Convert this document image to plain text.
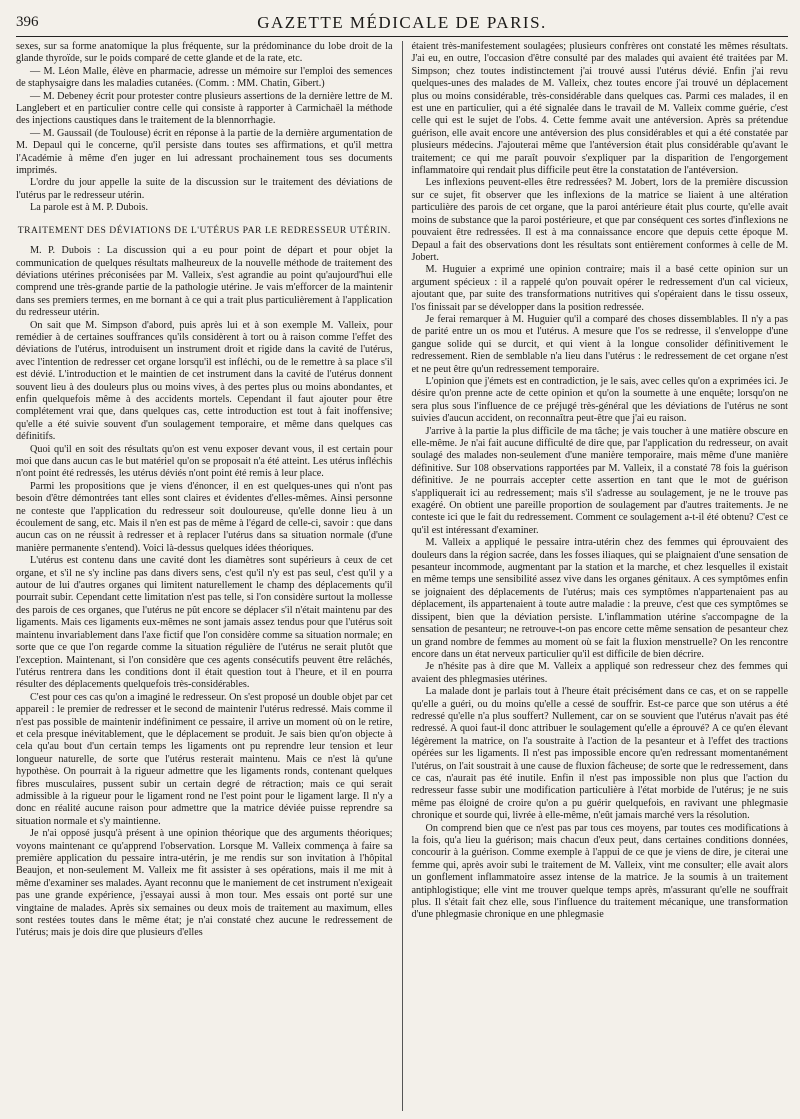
396	GAZETTE MÉDICALE DE PARIS.

sexes, sur sa forme anatomique la plus fréquente, sur la prédominance du lobe droit de la glande thyroïde, sur le poids comparé de cette glande et de la rate, etc.

— M. Léon Malle, élève en pharmacie, adresse un mémoire sur l'emploi des semences de staphysaigre dans les maladies cutanées. (Comm. : MM. Chatin, Gibert.)

— M. Debeney écrit pour protester contre plusieurs assertions de la dernière lettre de M. Langlebert et en particulier contre celle qui consiste à rapporter à Carmichaël la méthode des injections caustiques dans le traitement de la blennorrhagie.

— M. Gaussail (de Toulouse) écrit en réponse à la partie de la dernière argumentation de M. Depaul qui le concerne, qu'il persiste dans toutes ses affirmations, et qu'il mettra l'Académie à même d'en juger en lui adressant prochainement tous ses documents imprimés.

L'ordre du jour appelle la suite de la discussion sur le traitement des déviations de l'utérus par le redresseur utérin.

La parole est à M. P. Dubois.

TRAITEMENT DES DÉVIATIONS DE L'UTÉRUS PAR LE REDRESSEUR UTÉRIN.

M. P. Dubois : La discussion qui a eu pour point de départ et pour objet la communication de quelques résultats malheureux de la nouvelle méthode de traitement des déviations utérines préconisées par M. Valleix, s'est agrandie au point qu'aujourd'hui elle comprend une très-grande partie de la pathologie utérine. Je vais m'efforcer de la maintenir dans ses premiers termes, en me bornant à ce qui a trait plus particulièrement à l'application du redresseur utérin.

On sait que M. Simpson d'abord, puis après lui et à son exemple M. Valleix, pour remédier à de certaines souffrances qu'ils considèrent à tort ou à raison comme l'effet des déviations de l'utérus, introduisent un instrument droit et rigide dans la cavité de l'utérus, avec l'intention de redresser cet organe lorsqu'il est infléchi, ou de le remettre à sa place s'il est dévié. L'introduction et le maintien de cet instrument dans la cavité de l'utérus donnent souvent lieu à des douleurs plus ou moins vives, à des pertes plus ou moins abondantes, et enfin quelquefois même à des accidents mortels. Cependant il faut ajouter pour être complétement vrai que, dans quelques cas, cette introduction est tout à fait inoffensive; qu'elle a été suivie souvent d'un soulagement temporaire, et même dans quelques cas définitifs.

Quoi qu'il en soit des résultats qu'on est venu exposer devant vous, il est certain pour moi que dans aucun cas le but matériel qu'on se proposait n'a été atteint. Les utérus infléchis n'ont point été redressés, les utérus déviés n'ont point été remis à leur place.

Parmi les propositions que je viens d'énoncer, il en est quelques-unes qui n'ont pas besoin d'être démontrées tant elles sont claires et évidentes d'elles-mêmes. Ainsi personne ne conteste que l'application du redresseur soit douloureuse, qu'elle donne lieu à un écoulement de sang, etc. Mais il n'en est pas de même à l'égard de celle-ci, savoir : que dans aucun cas on ne réussit à redresser et à replacer l'utérus dans sa situation normale (d'une manière permanente s'entend). Voici là-dessus quelques idées théoriques.

L'utérus est contenu dans une cavité dont les diamètres sont supérieurs à ceux de cet organe, et s'il ne s'y incline pas dans divers sens, c'est qu'il n'y est pas seul, c'est qu'il y a autour de lui d'autres organes qui limitent naturellement le champ des déplacements qu'il pourrait subir. Cependant cette limitation n'est pas telle, si l'on considère surtout la mollesse des parois de ces organes, que l'utérus ne pût encore se déplacer s'il n'était maintenu par des ligaments. Mais ces ligaments eux-mêmes ne sont jamais assez tendus pour que l'utérus soit maintenu invariablement dans l'axe fictif que l'on considère comme sa situation normale; en sorte que ce que l'on regarde comme la situation régulière de l'utérus ne serait plutôt que l'exception. Maintenant, si l'on considère que ces agents consécutifs peuvent être relâchés, l'utérus rentrera dans les conditions dont il était question tout à l'heure, et il en pourra résulter des déplacements quelquefois très-considérables.

C'est pour ces cas qu'on a imaginé le redresseur. On s'est proposé un double objet par cet appareil : le premier de redresser et le second de maintenir l'utérus redressé. Mais comme il n'est pas possible de maintenir indéfiniment ce pessaire, il arrive un moment où on le retire, et cela presque inévitablement, que le déplacement se produit. Je sais bien qu'on objecte à cela qu'au bout d'un certain temps les ligaments ont pu reprendre leur tension et leur longueur naturelle, de sorte que l'utérus resterait maintenu. Mais ce n'est là qu'une hypothèse. On pourrait à la rigueur admettre que les ligaments ronds, contenant quelques fibres musculaires, pussent subir un certain degré de rétraction; mais ce qui serait admissible à la rigueur pour le ligament rond ne l'est point pour le ligament large. Il n'y a donc en réalité aucune raison pour admettre que la matrice déviée puisse reprendre sa situation normale et s'y maintienne.

Je n'ai opposé jusqu'à présent à une opinion théorique que des arguments théoriques; voyons maintenant ce qu'apprend l'observation. Lorsque M. Valleix commença à faire sa première application du pessaire intra-utérin, je me rendis sur son invitation à l'hôpital Beaujon, et non-seulement M. Valleix me fit assister à ses opérations, mais il me mit à même d'examiner ses malades. Ayant reconnu que le maniement de cet instrument n'exigeait pas une grande expérience, j'essayai aussi à mon tour. Mes essais ont porté sur une vingtaine de malades. Après six semaines ou deux mois de traitement au maximum, elles sont restées toutes dans le même état; je n'ai constaté chez aucune le redressement de l'utérus; mais je dois dire que plusieurs d'elles

étaient très-manifestement soulagées; plusieurs confrères ont constaté les mêmes résultats. J'ai eu, en outre, l'occasion d'être consulté par des malades qui avaient été traitées par M. Simpson; chez toutes indistinctement j'ai trouvé aussi l'utérus dévié. Enfin j'ai revu quelques-unes des malades de M. Valleix, chez toutes encore j'ai trouvé un déplacement plus ou moins considérable, très-considérable dans quelques cas. Parmi ces malades, il en est une en particulier, qui a été signalée dans le travail de M. Valleix comme guérie, c'est celle qui est le sujet de l'obs. 4. Cette femme avait une antéversion. Après sa prétendue guérison, elle avait encore une antéversion des plus considérables et qui a été constatée par plusieurs médecins. J'ajouterai même que l'antéversion était plus considérable qu'avant le traitement; ce qui me paraît pouvoir s'expliquer par la disparition de l'engorgement inflammatoire qui rendait plus difficile peut être la constatation de l'antéversion.

Les inflexions peuvent-elles être redressées? M. Jobert, lors de la première discussion sur ce sujet, fit observer que les inflexions de la matrice se liaient à une altération particulière des parois de cet organe, que la paroi antérieure était plus courte, qu'elle avait moins de substance que la paroi postérieure, et que par conséquent ces sortes d'inflexions ne pouvaient être redressées. Il est à ma connaissance encore que depuis cette époque M. Depaul a fait des observations dont les résultats sont entièrement conformes à celle de M. Jobert.

M. Huguier a exprimé une opinion contraire; mais il a basé cette opinion sur un argument spécieux : il a rappelé qu'on pouvait opérer le redressement d'un cal vicieux, ajoutant que, par suite des transformations nutritives qui s'opéraient dans le tissu osseux, l'os finissait par se développer dans la position redressée.

Je ferai remarquer à M. Huguier qu'il a comparé des choses dissemblables. Il n'y a pas de parité entre un os mou et l'utérus. A mesure que l'os se redresse, il s'enveloppe d'une gangue solide qui se durcit, et qui vient à la longue consolider définitivement le redressement. Rien de semblable n'a lieu dans l'utérus : le redressement de cet organe n'est et ne peut être qu'un redressement temporaire.

L'opinion que j'émets est en contradiction, je le sais, avec celles qu'on a exprimées ici. Je désire qu'on prenne acte de cette opinion et qu'on la soumette à une enquête; lorsqu'on ne sera plus sous l'influence de ce préjugé très-général que les déviations de l'utérus ne sont suivies d'aucun accident, on reconnaîtra peut-être que j'ai eu raison.

J'arrive à la partie la plus difficile de ma tâche; je vais toucher à une matière obscure en elle-même. Je n'ai fait aucune difficulté de dire que, par l'application du redresseur, on avait soulagé des malades non-seulement d'une manière temporaire, mais même d'une manière définitive. Sur 108 observations rapportées par M. Valleix, il a constaté 78 fois la guérison définitive. Je ne pourrais accepter cette assertion en tant que le mot de guérison s'appliquerait ici au redressement; mais s'il s'adresse au soulagement, je ne le trouve pas exagéré. On obtient une pareille proportion de soulagement par d'autres traitements. Je ne conteste ici que le fait du redressement. Comment ce soulagement a-t-il été obtenu? C'est ce qu'il est intéressant d'examiner.

M. Valleix a appliqué le pessaire intra-utérin chez des femmes qui éprouvaient des douleurs dans la région sacrée, dans les fosses iliaques, qui se plaignaient d'une sensation de pesanteur incommode, augmentant par la station et la marche, et chez lesquelles il existait en même temps une sensibilité assez vive dans les organes génitaux. A ces symptômes enfin se joignaient des déplacements de l'utérus; mais ces symptômes n'appartenaient pas au déplacement, ils appartenaient à toute autre maladie : la preuve, c'est que ces symptômes se dissipent, bien que la déviation persiste. L'inflammation utérine s'accompagne de la sensation de pesanteur; ne retrouve-t-on pas encore cette même sensation de pesanteur chez un grand nombre de femmes au moment où se fait la fluxion menstruelle? On les rencontre encore dans un état nerveux particulier qu'il est difficile de bien décrire.

Je n'hésite pas à dire que M. Valleix a appliqué son redresseur chez des femmes qui avaient des phlegmasies utérines.

La malade dont je parlais tout à l'heure était précisément dans ce cas, et on se rappelle qu'elle a guéri, ou du moins qu'elle a cessé de souffrir. Est-ce parce que son utérus a été redressé qu'elle n'a plus souffert? Nullement, car on se souvient que l'utérus n'avait pas été redressé. A quoi faut-il donc attribuer le soulagement qu'elle a éprouvé? A ce qu'en élevant légèrement la matrice, on l'a soustraite à l'action de la pesanteur et à l'effet des tractions opérées sur les ligaments. Il n'est pas impossible encore qu'en redressant momentanément l'utérus, on l'ait soustrait à une cause de fluxion fâcheuse; de sorte que le redressement, dans ce cas, n'aurait pas été inutile. Enfin il n'est pas impossible non plus que l'action du redresseur fasse subir une modification particulière à l'état morbide de l'utérus; je ne suis même pas éloigné de croire qu'on a pu guérir quelquefois, en ravivant une phlegmasie chronique et sourde qui, livrée à elle-même, n'eût jamais marché vers la résolution.

On comprend bien que ce n'est pas par tous ces moyens, par toutes ces modifications à la fois, qu'a lieu la guérison; mais chacun d'eux peut, dans certaines conditions données, concourir à la guérison. Comme exemple à l'appui de ce que je viens de dire, je citerai une femme qui, après avoir subi le traitement de M. Valleix, vint me consulter; elle avait alors un gonflement inflammatoire assez intense de la matrice. Je la soumis à un traitement antiphlogistique; elle vint me trouver quelque temps après, m'assurant qu'elle ne souffrait plus. Il s'était fait chez elle, sous l'influence du traitement mécanique, une transformation d'une phlegmasie chronique en une phlegmasie
